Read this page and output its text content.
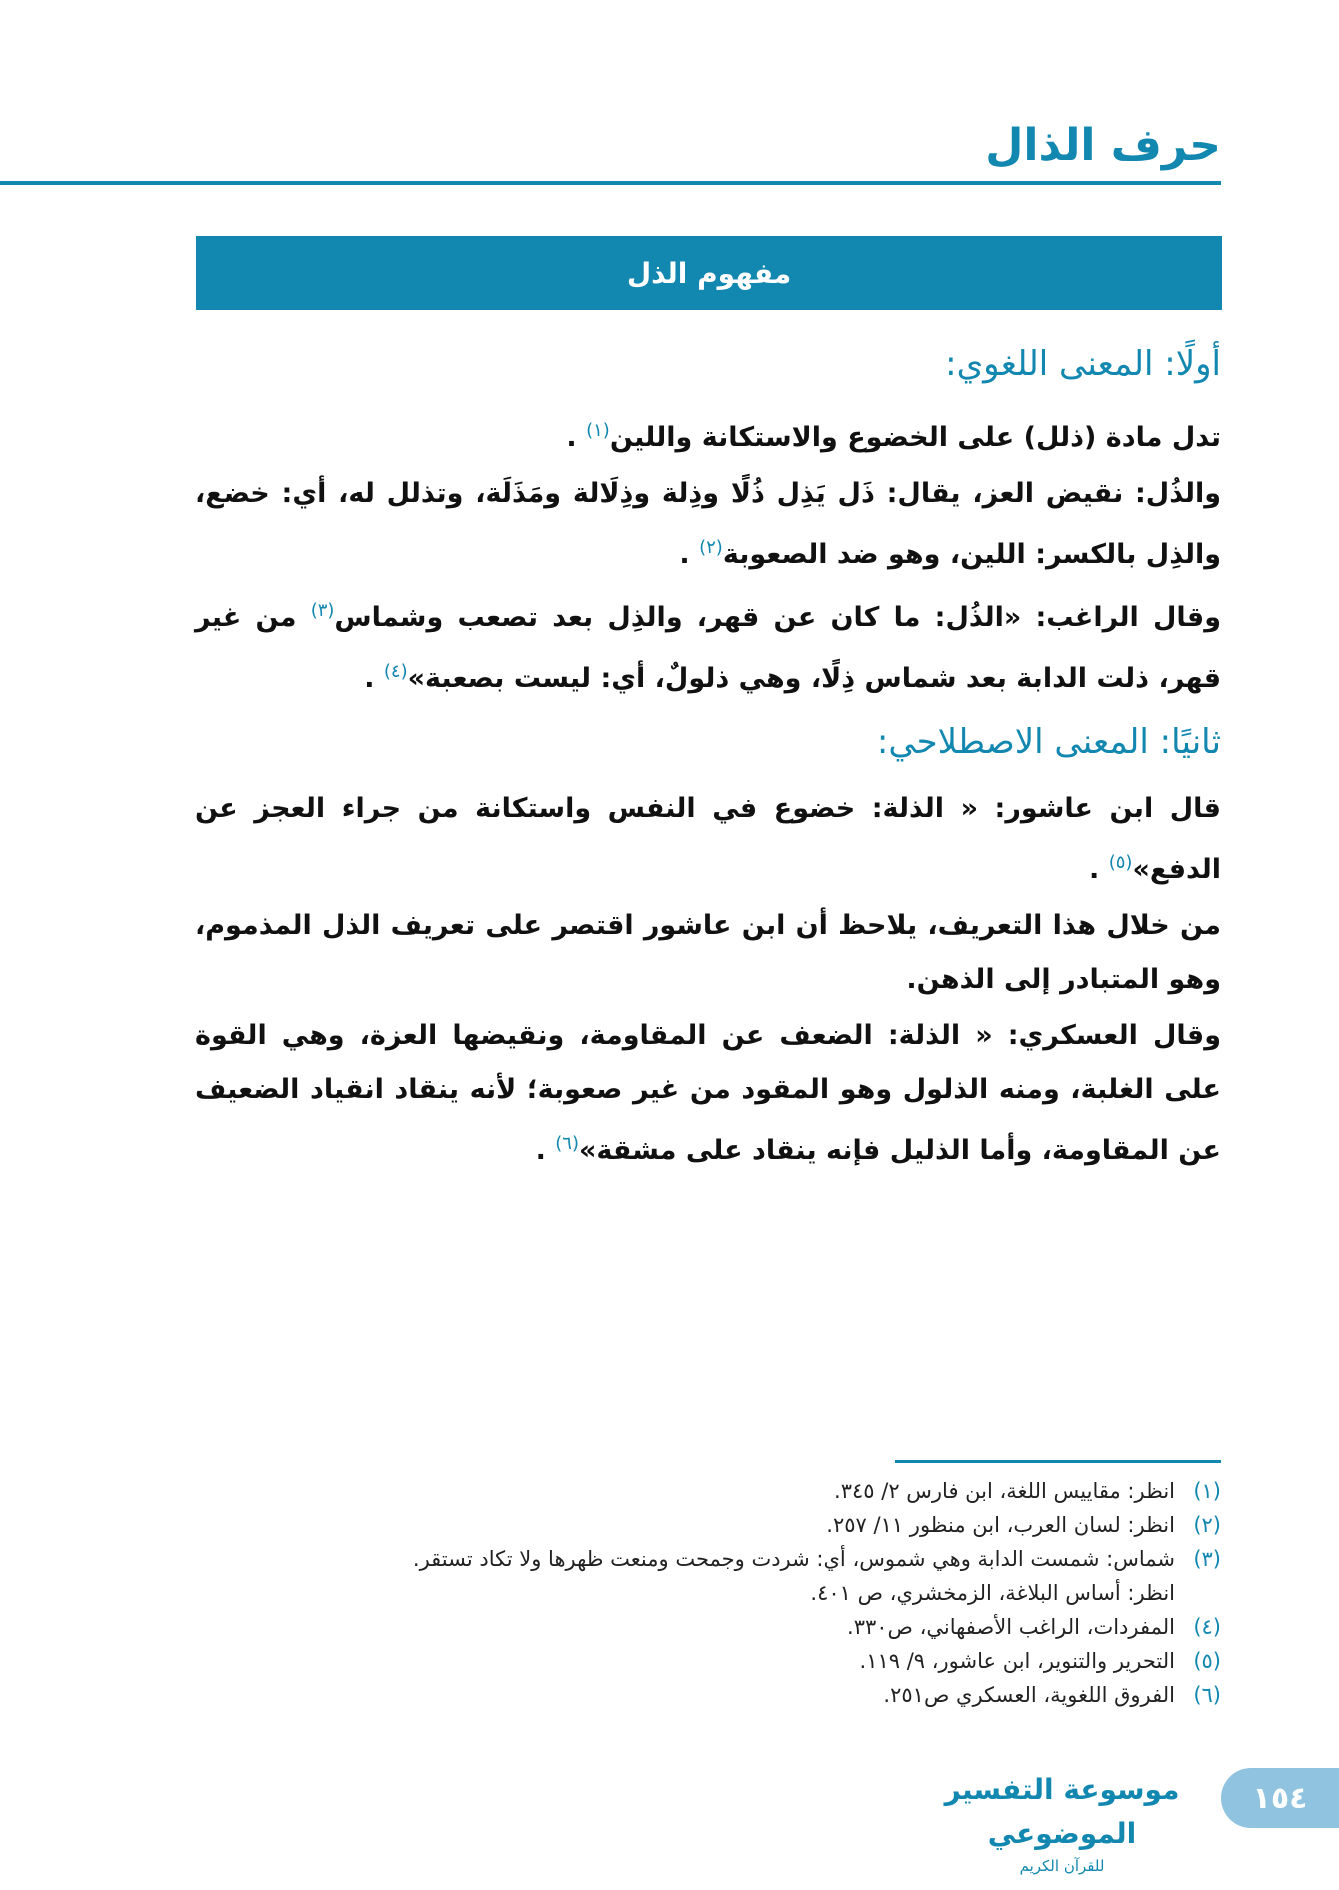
حرف الذال
مفهوم الذل
أولًا: المعنى اللغوي:

تدل مادة (ذلل) على الخضوع والاستكانة واللين$^{(١)}$ .

والذُل: نقيض العز، يقال: ذَل يَذِل ذُلًا وذِلة وذِلَالة ومَذَلَة، وتذلل له، أي: خضع، والذِل بالكسر: اللين، وهو ضد الصعوبة$^{(٢)}$ .

وقال الراغب: «الذُل: ما كان عن قهر، والذِل بعد تصعب وشماس$^{(٣)}$ من غير قهر، ذلت الدابة بعد شماس ذِلًا، وهي ذلولٌ، أي: ليست بصعبة»$^{(٤)}$ .

ثانيًا: المعنى الاصطلاحي:

قال ابن عاشور: « الذلة: خضوع في النفس واستكانة من جراء العجز عن الدفع»$^{(٥)}$ .

من خلال هذا التعريف، يلاحظ أن ابن عاشور اقتصر على تعريف الذل المذموم، وهو المتبادر إلى الذهن.

وقال العسكري: « الذلة: الضعف عن المقاومة، ونقيضها العزة، وهي القوة على الغلبة، ومنه الذلول وهو المقود من غير صعوبة؛ لأنه ينقاد انقياد الضعيف عن المقاومة، وأما الذليل فإنه ينقاد على مشقة»$^{(٦)}$ .

(١)
انظر: مقاييس اللغة، ابن فارس ٢/ ٣٤٥.
(٢)
انظر: لسان العرب، ابن منظور ١١/ ٢٥٧.
(٣)
شماس: شمست الدابة وهي شموس، أي: شردت وجمحت ومنعت ظهرها ولا تكاد تستقر.
انظر: أساس البلاغة، الزمخشري، ص ٤٠١.
(٤)
المفردات، الراغب الأصفهاني، ص٣٣٠.
(٥)
التحرير والتنوير، ابن عاشور، ٩/ ١١٩.
(٦)
الفروق اللغوية، العسكري ص٢٥١.
١٥٤
موسوعة التفسير الموضوعي
للقرآن الكريم
